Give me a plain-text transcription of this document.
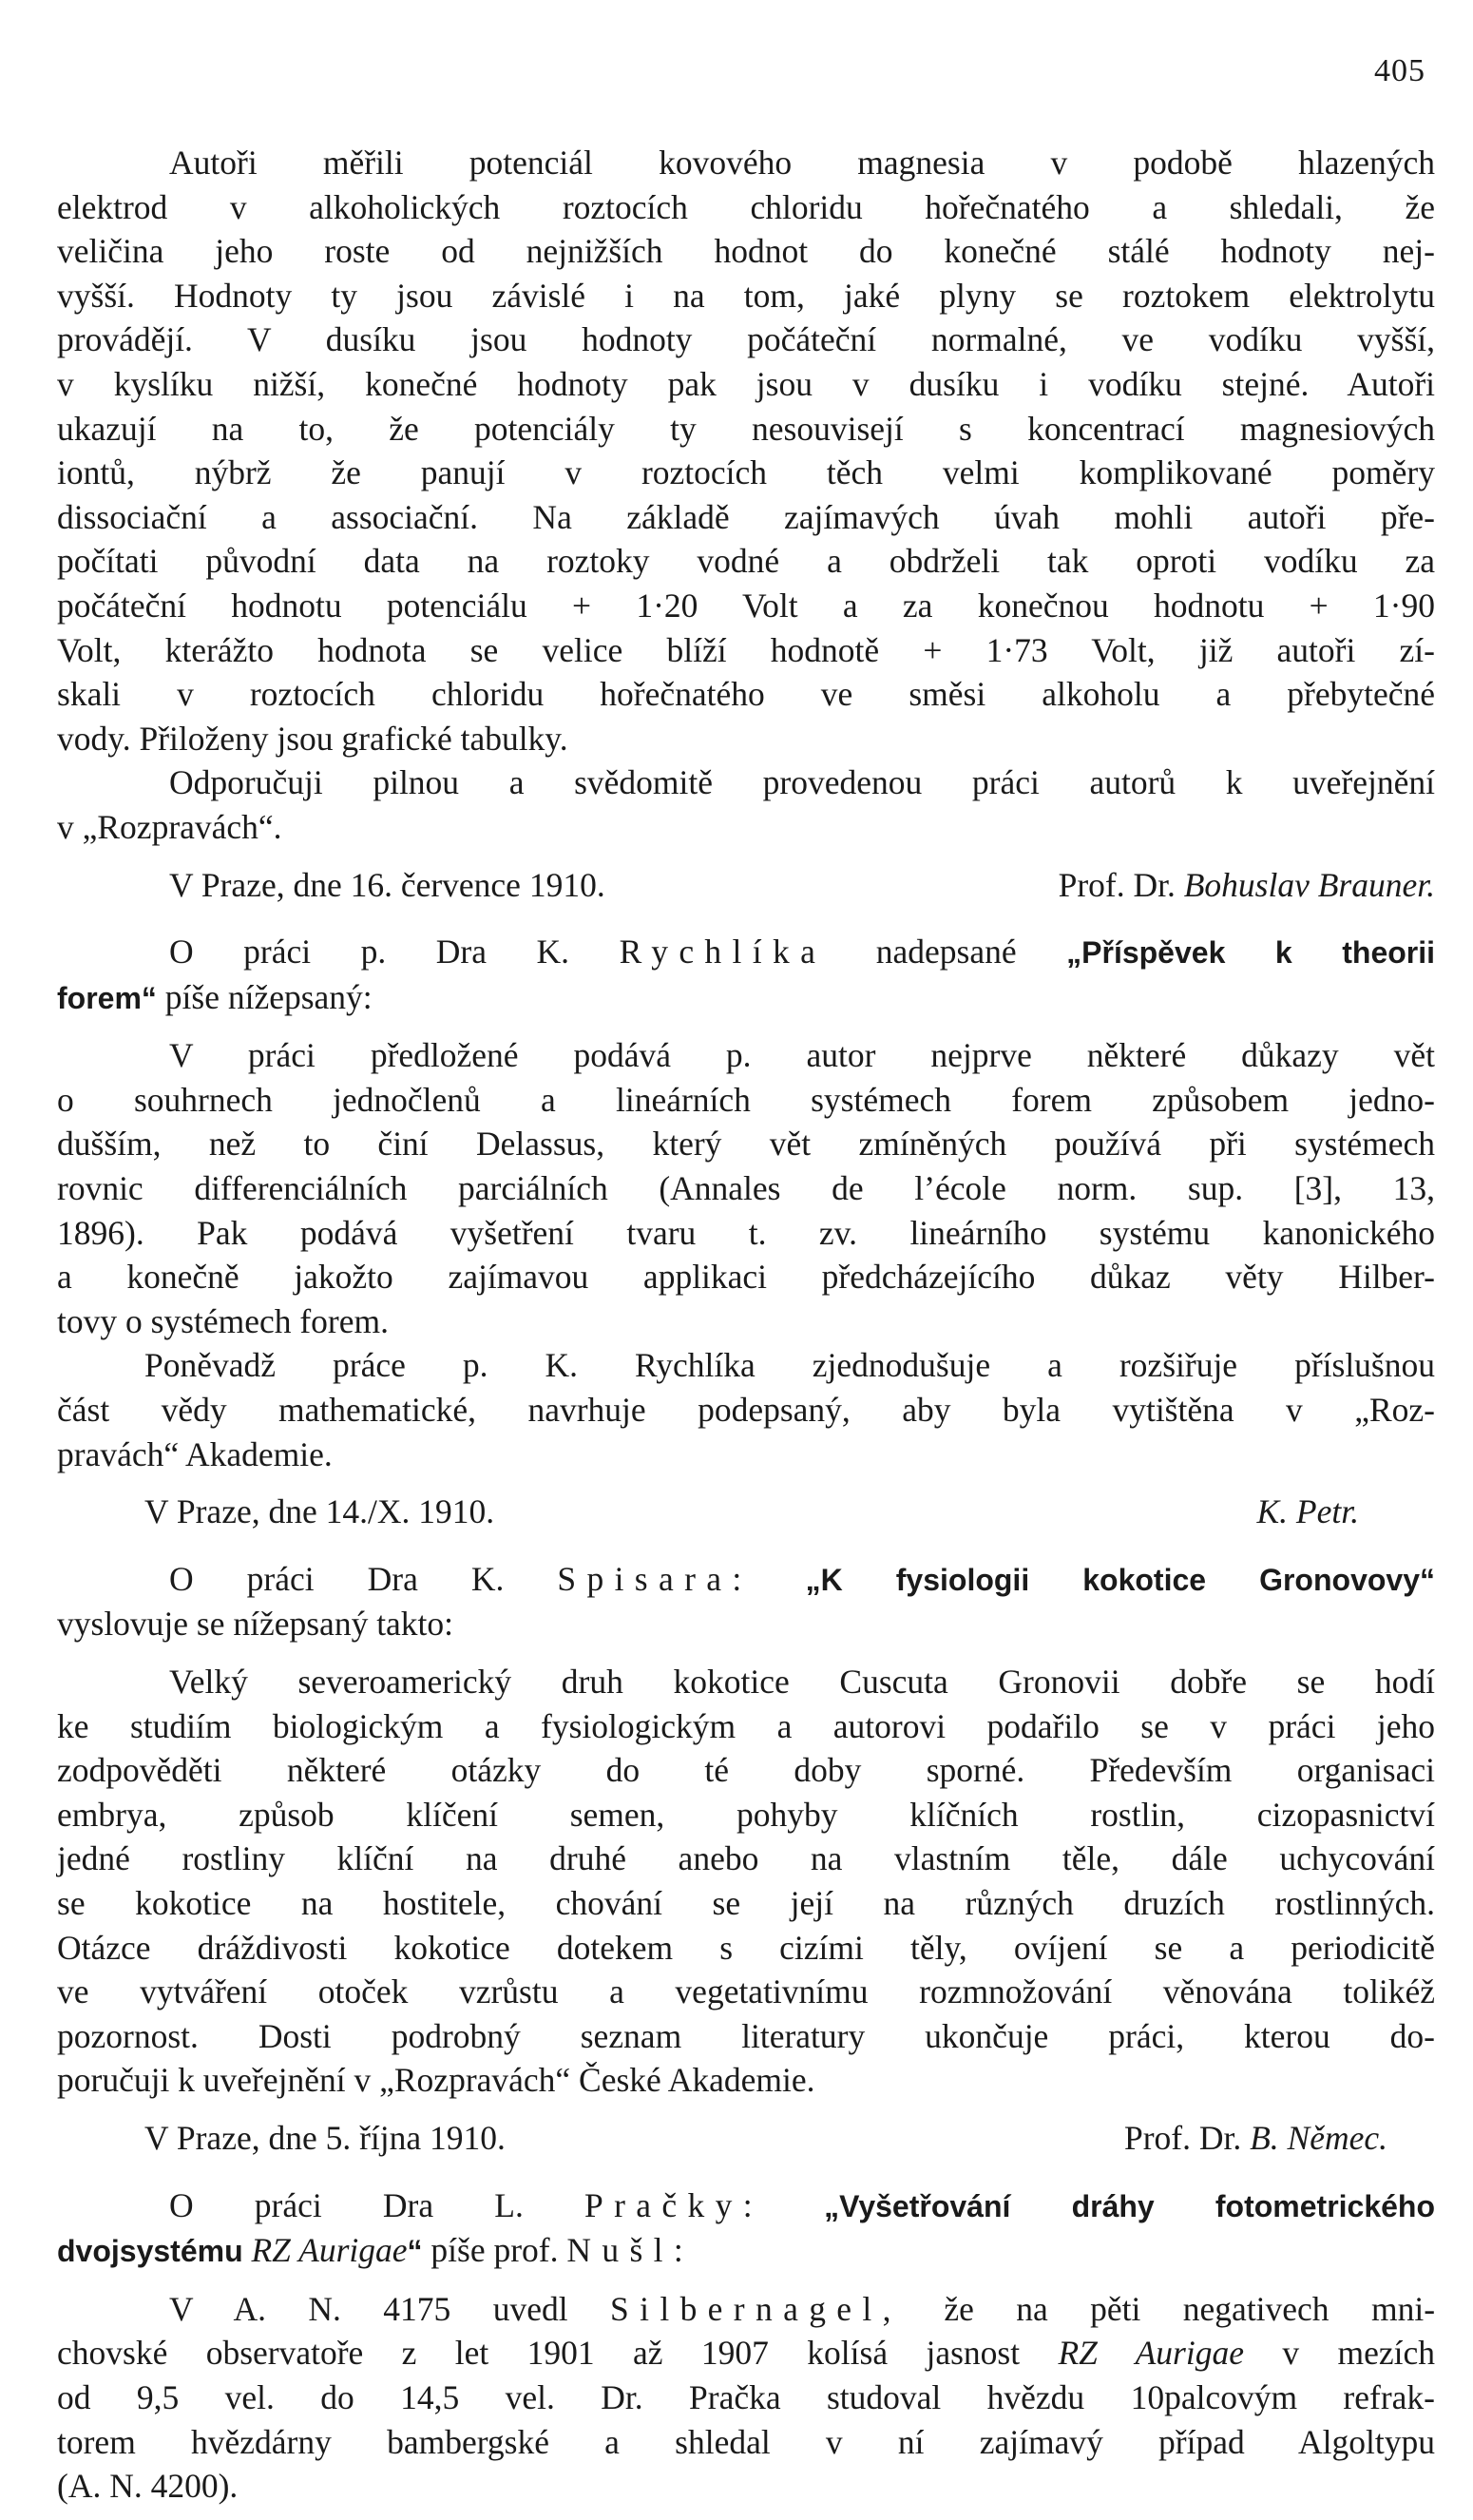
405

Autoři měřili potenciál kovového magnesia v podobě hlazených

elektrod v alkoholických roztocích chloridu hořečnatého a shledali, že

veličina jeho roste od nejnižších hodnot do konečné stálé hodnoty nej-

vyšší. Hodnoty ty jsou závislé i na tom, jaké plyny se roztokem elektrolytu

provádějí. V dusíku jsou hodnoty počáteční normalné, ve vodíku vyšší,

v kyslíku nižší, konečné hodnoty pak jsou v dusíku i vodíku stejné. Autoři

ukazují na to, že potenciály ty nesouvisejí s koncentrací magnesiových

iontů, nýbrž že panují v roztocích těch velmi komplikované poměry

dissociační a associační. Na základě zajímavých úvah mohli autoři pře-

počítati původní data na roztoky vodné a obdrželi tak oproti vodíku za

počáteční hodnotu potenciálu + 1·20 Volt a za konečnou hodnotu + 1·90

Volt, kterážto hodnota se velice blíží hodnotě + 1·73 Volt, již autoři zí-

skali v roztocích chloridu hořečnatého ve směsi alkoholu a přebytečné

vody. Přiloženy jsou grafické tabulky.

Odporučuji pilnou a svědomitě provedenou práci autorů k uveřejnění

v „Rozpravách“.

V Praze, dne 16. července 1910.	Prof. Dr. Bohuslav Brauner.

O práci p. Dra K. Rychlíka nadepsané „Příspěvek k theorii

forem“ píše nížepsaný:

V práci předložené podává p. autor nejprve některé důkazy vět

o souhrnech jednočlenů a lineárních systémech forem způsobem jedno-

dušším, než to činí Delassus, který vět zmíněných používá při systémech

rovnic differenciálních parciálních (Annales de l’école norm. sup. [3], 13,

1896). Pak podává vyšetření tvaru t. zv. lineárního systému kanonického

a konečně jakožto zajímavou applikaci předcházejícího důkaz věty Hilber-

tovy o systémech forem.

Poněvadž práce p. K. Rychlíka zjednodušuje a rozšiřuje příslušnou

část vědy mathematické, navrhuje podepsaný, aby byla vytištěna v „Roz-

pravách“ Akademie.

V Praze, dne 14./X. 1910.	K. Petr.

O práci Dra K. Spisara: „K fysiologii kokotice Gronovovy“

vyslovuje se nížepsaný takto:

Velký severoamerický druh kokotice Cuscuta Gronovii dobře se hodí

ke studiím biologickým a fysiologickým a autorovi podařilo se v práci jeho

zodpověděti některé otázky do té doby sporné. Především organisaci

embrya, způsob klíčení semen, pohyby klíčních rostlin, cizopasnictví

jedné rostliny klíční na druhé anebo na vlastním těle, dále uchycování

se kokotice na hostitele, chování se její na různých druzích rostlinných.

Otázce dráždivosti kokotice dotekem s cizími těly, ovíjení se a periodicitě

ve vytváření otoček vzrůstu a vegetativnímu rozmnožování věnována tolikéž

pozornost. Dosti podrobný seznam literatury ukončuje práci, kterou do-

poručuji k uveřejnění v „Rozpravách“ České Akademie.

V Praze, dne 5. října 1910.	Prof. Dr. B. Němec.

O práci Dra L. Pračky: „Vyšetřování dráhy fotometrického

dvojsystému RZ Aurigae“ píše prof. Nušl:

V A. N. 4175 uvedl Silbernagel, že na pěti negativech mni-

chovské observatoře z let 1901 až 1907 kolísá jasnost RZ Aurigae v mezích

od 9,5 vel. do 14,5 vel. Dr. Pračka studoval hvězdu 10palcovým refrak-

torem hvězdárny bambergské a shledal v ní zajímavý případ Algoltypu

(A. N. 4200).
